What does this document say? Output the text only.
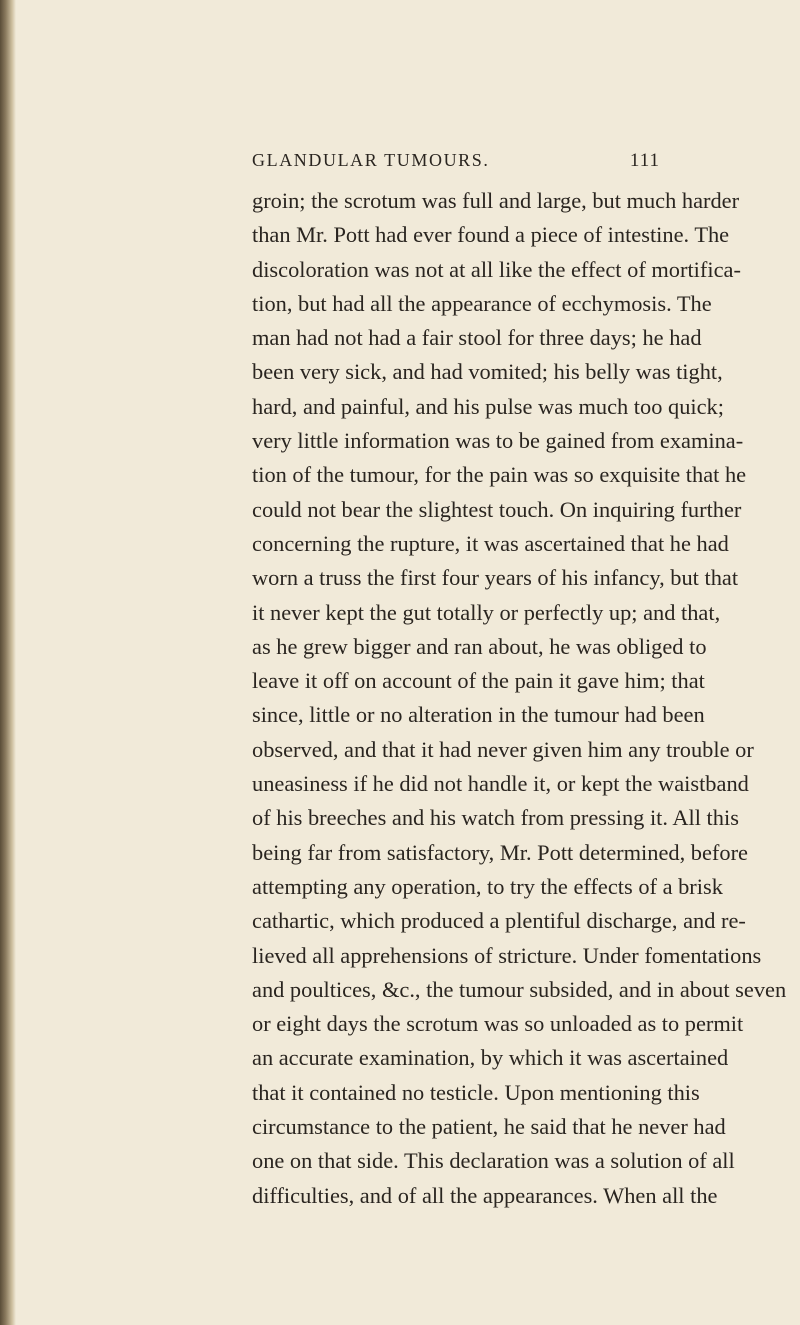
GLANDULAR TUMOURS.	111
groin; the scrotum was full and large, but much harder
than Mr. Pott had ever found a piece of intestine. The
discoloration was not at all like the effect of mortifica-
tion, but had all the appearance of ecchymosis. The
man had not had a fair stool for three days; he had
been very sick, and had vomited; his belly was tight,
hard, and painful, and his pulse was much too quick;
very little information was to be gained from examina-
tion of the tumour, for the pain was so exquisite that he
could not bear the slightest touch. On inquiring further
concerning the rupture, it was ascertained that he had
worn a truss the first four years of his infancy, but that
it never kept the gut totally or perfectly up; and that,
as he grew bigger and ran about, he was obliged to
leave it off on account of the pain it gave him; that
since, little or no alteration in the tumour had been
observed, and that it had never given him any trouble or
uneasiness if he did not handle it, or kept the waistband
of his breeches and his watch from pressing it. All this
being far from satisfactory, Mr. Pott determined, before
attempting any operation, to try the effects of a brisk
cathartic, which produced a plentiful discharge, and re-
lieved all apprehensions of stricture. Under fomentations
and poultices, &c., the tumour subsided, and in about seven
or eight days the scrotum was so unloaded as to permit
an accurate examination, by which it was ascertained
that it contained no testicle. Upon mentioning this
circumstance to the patient, he said that he never had
one on that side. This declaration was a solution of all
difficulties, and of all the appearances. When all the
